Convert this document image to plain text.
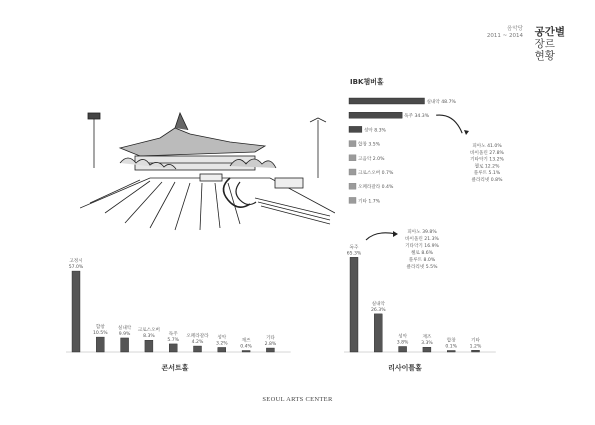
음악당
2011 ~ 2014 공간별
장르
현황
IBK챔버홀
실내악 48.7%
독주 34.3%
성악 8.3%
합창 3.5%
고음악 2.0%
크로스오버 0.7%
오페라갈라 0.4%
기타 1.7%
피아노 41.0%
바이올린 27.8%
기타악기 13.2%
첼로 12.2%
플루트 5.1%
클라리넷 0.8%
고정시
57.0%
합창
10.5%
실내악
9.9%
크로스오버
8.3%	독주
5.7%
오페라갈라
4.2%
성악
3.2%
재즈
0.4%
기타
2.8%
콘서트홀
독주
65.3%
실내악
26.3%
성악
3.8%
재즈
3.3%
합창
0.1%
기타
1.2%
리사이틀홀
피아노 39.8%
바이올린 21.3%
기타악기 16.9%
첼로 8.6%
플루트 8.0%
클라리넷 5.5%
SEOUL ARTS CENTER
